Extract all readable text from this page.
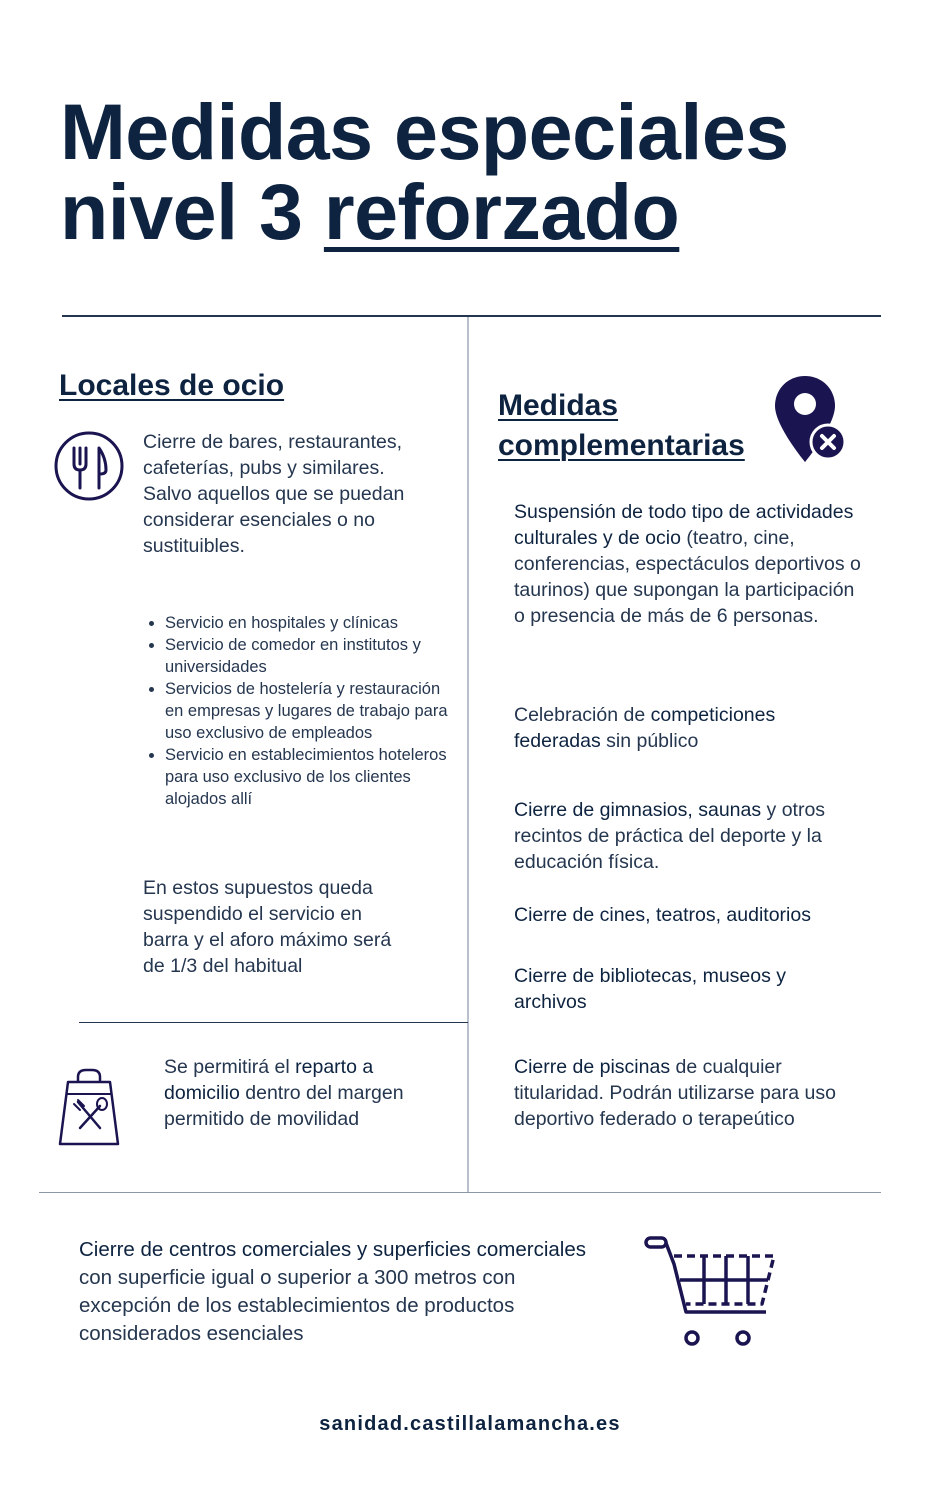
Medidas especiales
nivel 3 reforzado
Locales de ocio
Cierre de bares, restaurantes, cafeterías, pubs y similares. Salvo aquellos que se puedan considerar esenciales o no sustituibles.
• Servicio en hospitales y clínicas
• Servicio de comedor en institutos y universidades
• Servicios de hostelería y restauración en empresas y lugares de trabajo para uso exclusivo de empleados
• Servicio en establecimientos hoteleros para uso exclusivo de los clientes alojados allí
En estos supuestos queda suspendido el servicio en barra y el aforo máximo será de 1/3 del habitual
Se permitirá el reparto a domicilio dentro del margen permitido de movilidad
Medidas
complementarias
Suspensión de todo tipo de actividades culturales y de ocio (teatro, cine, conferencias, espectáculos deportivos o taurinos) que supongan la participación o presencia de más de 6 personas.
Celebración de competiciones federadas sin público
Cierre de gimnasios, saunas y otros recintos de práctica del deporte y la educación física.
Cierre de cines, teatros, auditorios
Cierre de bibliotecas, museos y archivos
Cierre de piscinas de cualquier titularidad. Podrán utilizarse para uso deportivo federado o terapeútico
Cierre de centros comerciales y superficies comerciales con superficie igual o superior a 300 metros con excepción de los establecimientos de productos considerados esenciales
sanidad.castillalamancha.es
